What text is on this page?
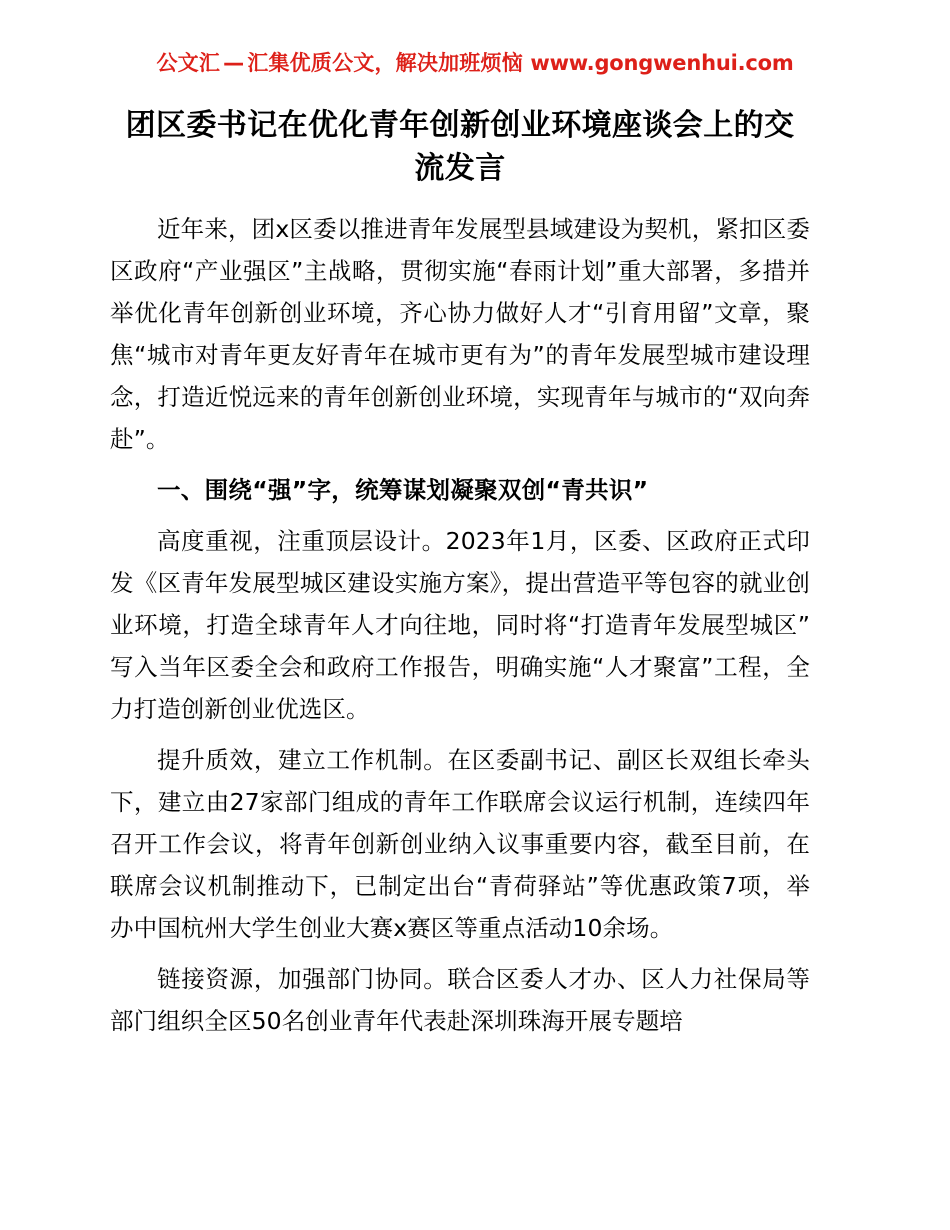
公文汇 — 汇集优质公文，解决加班烦恼 www.gongwenhui.com
团区委书记在优化青年创新创业环境座谈会上的交流发言

近年来，团x区委以推进青年发展型县域建设为契机，紧扣区委区政府“产业强区”主战略，贯彻实施“春雨计划”重大部署，多措并举优化青年创新创业环境，齐心协力做好人才“引育用留”文章，聚焦“城市对青年更友好青年在城市更有为”的青年发展型城市建设理念，打造近悦远来的青年创新创业环境，实现青年与城市的“双向奔赴”。

一、围绕“强”字，统筹谋划凝聚双创“青共识”

高度重视，注重顶层设计。2023年1月，区委、区政府正式印发《区青年发展型城区建设实施方案》，提出营造平等包容的就业创业环境，打造全球青年人才向往地，同时将“打造青年发展型城区”写入当年区委全会和政府工作报告，明确实施“人才聚富”工程，全力打造创新创业优选区。

提升质效，建立工作机制。在区委副书记、副区长双组长牵头下，建立由27家部门组成的青年工作联席会议运行机制，连续四年召开工作会议，将青年创新创业纳入议事重要内容，截至目前，在联席会议机制推动下，已制定出台“青荷驿站”等优惠政策7项，举办中国杭州大学生创业大赛x赛区等重点活动10余场。

链接资源，加强部门协同。联合区委人才办、区人力社保局等部门组织全区50名创业青年代表赴深圳珠海开展专题培
